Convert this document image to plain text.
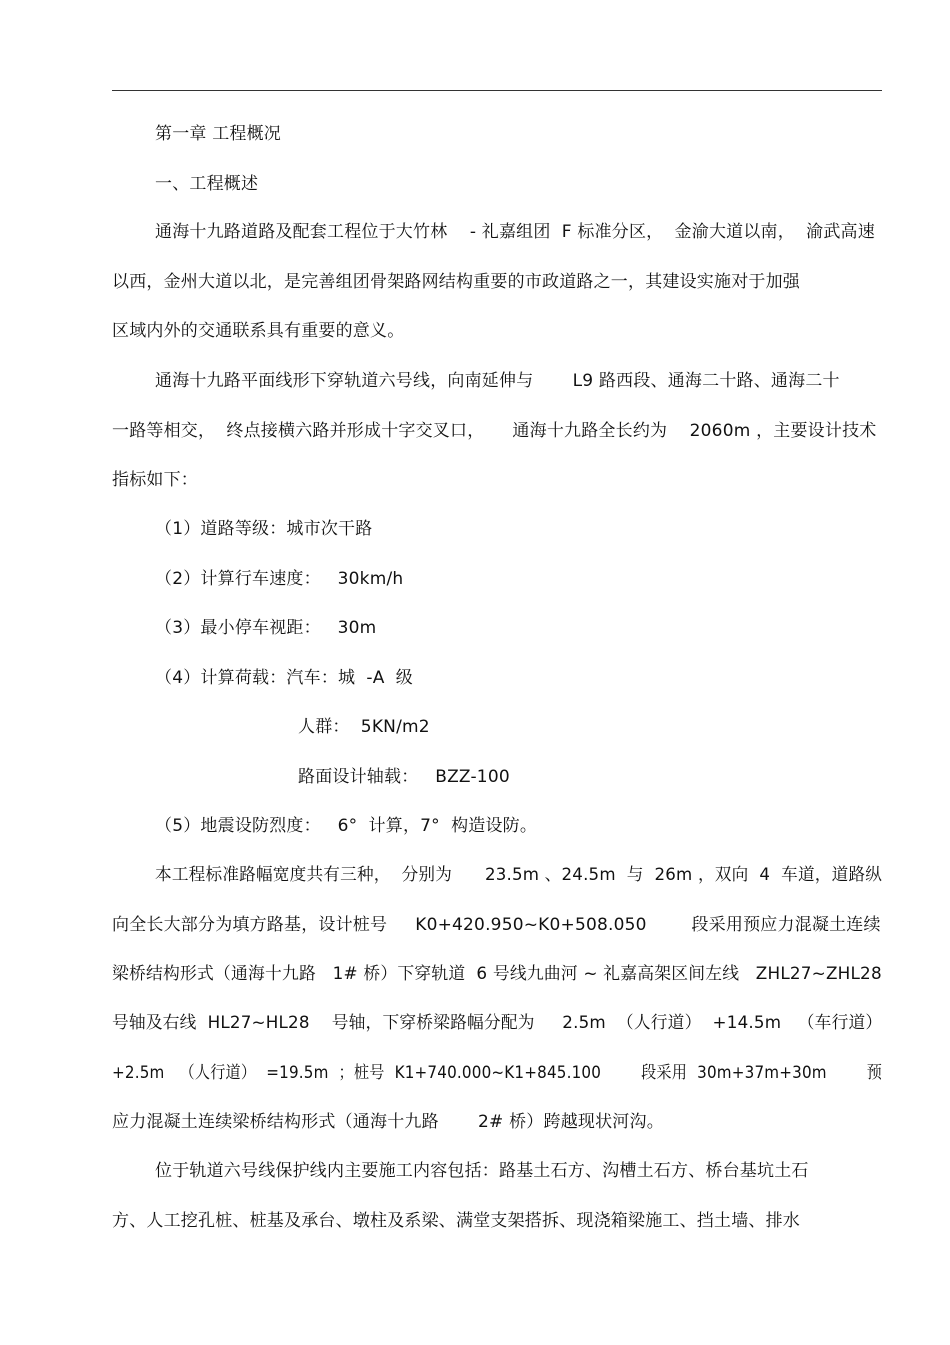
第一章 工程概况
一、工程概述
通海十九路道路及配套工程位于大竹林    - 礼嘉组团  F 标准分区，  金渝大道以南，  渝武高速
以西，金州大道以北，是完善组团骨架路网结构重要的市政道路之一，其建设实施对于加强
区域内外的交通联系具有重要的意义。
通海十九路平面线形下穿轨道六号线，向南延伸与       L9 路西段、通海二十路、通海二十
一路等相交，  终点接横六路并形成十字交叉口，     通海十九路全长约为    2060m ，主要设计技术
指标如下：
（1）道路等级：城市次干路
（2）计算行车速度：   30km/h
（3）最小停车视距：   30m
（4）计算荷载：汽车：城  -A  级
人群：  5KN/m2
路面设计轴载：   BZZ-100
（5）地震设防烈度：   6°  计算，7°  构造设防。
本工程标准路幅宽度共有三种，  分别为      23.5m 、24.5m  与  26m ，双向  4  车道，道路纵
向全长大部分为填方路基，设计桩号     K0+420.950~K0+508.050        段采用预应力混凝土连续
梁桥结构形式（通海十九路   1# 桥）下穿轨道  6 号线九曲河 ~ 礼嘉高架区间左线   ZHL27~ZHL28
号轴及右线  HL27~HL28    号轴，下穿桥梁路幅分配为     2.5m  （人行道）  +14.5m   （车行道）
+2.5m   （人行道）  =19.5m  ；桩号  K1+740.000~K1+845.100        段采用  30m+37m+30m        预
应力混凝土连续梁桥结构形式（通海十九路       2# 桥）跨越现状河沟。
位于轨道六号线保护线内主要施工内容包括：路基土石方、沟槽土石方、桥台基坑土石
方、人工挖孔桩、桩基及承台、墩柱及系梁、满堂支架搭拆、现浇箱梁施工、挡土墙、排水
